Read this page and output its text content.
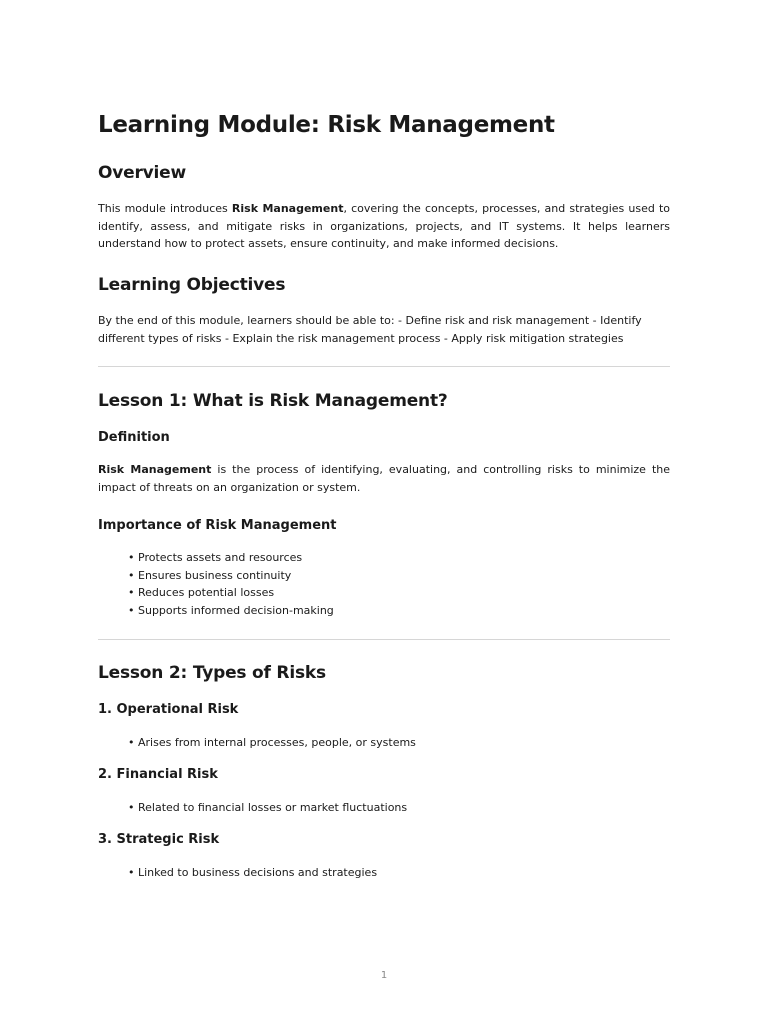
Learning Module: Risk Management
Overview

This module introduces Risk Management, covering the concepts, processes, and strategies used to identify, assess, and mitigate risks in organizations, projects, and IT systems. It helps learners understand how to protect assets, ensure continuity, and make informed decisions.

Learning Objectives

By the end of this module, learners should be able to: - Define risk and risk management - Identify different types of risks - Explain the risk management process - Apply risk mitigation strategies

Lesson 1: What is Risk Management?
Definition

Risk Management is the process of identifying, evaluating, and controlling risks to minimize the impact of threats on an organization or system.

Importance of Risk Management
• Protects assets and resources
• Ensures business continuity
• Reduces potential losses
• Supports informed decision-making
Lesson 2: Types of Risks
1. Operational Risk
• Arises from internal processes, people, or systems
2. Financial Risk
• Related to financial losses or market fluctuations
3. Strategic Risk
• Linked to business decisions and strategies
1
